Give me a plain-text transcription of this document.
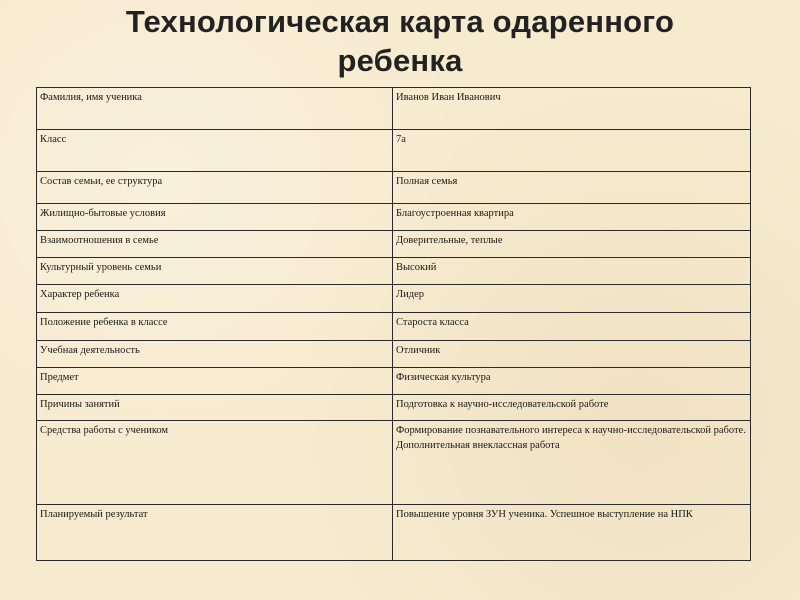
Технологическая карта одаренного
ребенка
Фамилия, имя ученика	Иванов Иван Иванович
Класс	7а
Состав семьи, ее структура	Полная семья
Жилищно-бытовые условия	Благоустроенная квартира
Взаимоотношения в семье	Доверительные, теплые
Культурный уровень семьи	Высокий
Характер ребенка	Лидер
Положение ребенка в классе	Староста класса
Учебная деятельность	Отличник
Предмет	Физическая культура
Причины занятий	Подготовка к научно-исследовательской работе
Средства работы с учеником	Формирование познавательного интереса к научно-исследовательской работе. Дополнительная внеклассная работа
Планируемый результат	Повышение уровня ЗУН ученика. Успешное выступление на НПК
